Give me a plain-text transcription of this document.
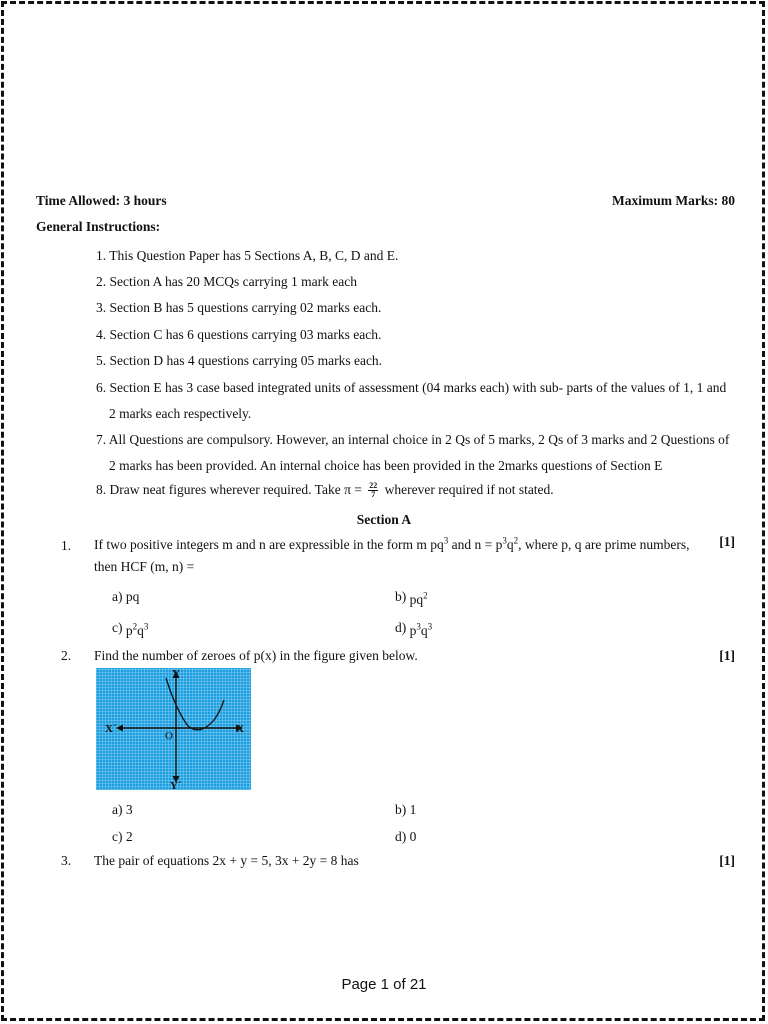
Time Allowed: 3 hours	Maximum Marks: 80
General Instructions:
1. This Question Paper has 5 Sections A, B, C, D and E.
2. Section A has 20 MCQs carrying 1 mark each
3. Section B has 5 questions carrying 02 marks each.
4. Section C has 6 questions carrying 03 marks each.
5. Section D has 4 questions carrying 05 marks each.
6. Section E has 3 case based integrated units of assessment (04 marks each) with sub- parts of the values of 1, 1 and
2 marks each respectively.
7. All Questions are compulsory. However, an internal choice in 2 Qs of 5 marks, 2 Qs of 3 marks and 2 Questions of
2 marks has been provided. An internal choice has been provided in the 2marks questions of Section E
8. Draw neat figures wherever required. Take $\pi = \frac{22}{7}$ wherever required if not stated.
Section A
1. If two positive integers m and n are expressible in the form m $pq^3$ and $n = p^3q^2$, where p, q are prime numbers, [1]
then HCF (m, n) =
a) pq	b) $pq^2$
c) $p^2q^3$	d) $p^3q^3$
2. Find the number of zeroes of p(x) in the figure given below.	[1]
Y
Y´
X
X´
O
a) 3	b) 1
c) 2	d) 0
3. The pair of equations 2x + y = 5, 3x + 2y = 8 has	[1]
Page 1 of 21
